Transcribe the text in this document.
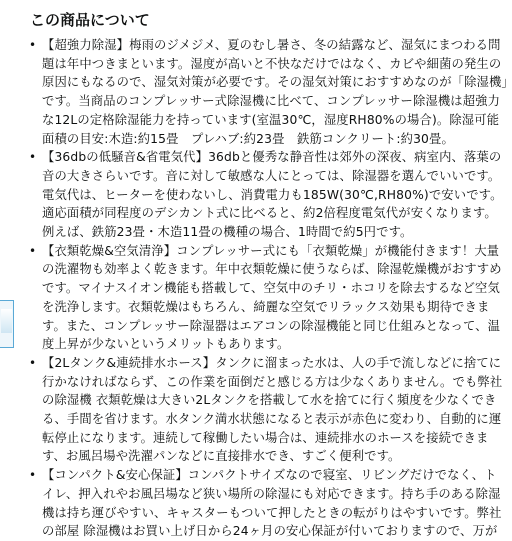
この商品について
• 【超強力除湿】梅雨のジメジメ、夏のむし暑さ、冬の結露など、湿気にまつわる問題は年中つきまといます。湿度が高いと不快なだけではなく、カビや細菌の発生の原因にもなるので、湿気対策が必要です。その湿気対策におすすめなのが「除湿機」です。当商品のコンプレッサー式除湿機に比べて、コンプレッサー除湿機は超強力な12Lの定格除湿能力を持っています(室温30℃，湿度RH80%の場合)。除湿可能面積の目安:木造:約15畳　プレハブ:約23畳　鉄筋コンクリート:約30畳。
• 【36dbの低騒音&省電気代】36dbと優秀な静音性は郊外の深夜、病室内、落葉の音の大きさらいです。音に対して敏感な人にとっては、除湿器を選んでいいです。電気代は、ヒーターを使わないし、消費電力も185W(30℃,RH80%)で安いです。適応面積が同程度のデシカント式に比べると、約2倍程度電気代が安くなります。例えば、鉄筋23畳・木造11畳の機種の場合、1時間で約5円です。
• 【衣類乾燥&空気清浄】コンプレッサー式にも「衣類乾燥」が機能付きます！大量の洗濯物も効率よく乾きます。年中衣類乾燥に使うならば、除湿乾燥機がおすすめです。マイナスイオン機能も搭載して、空気中のチリ・ホコリを除去するなど空気を洗浄します。衣類乾燥はもちろん、綺麗な空気でリラックス効果も期待できます。また、コンプレッサー除湿器はエアコンの除湿機能と同じ仕組みとなって、温度上昇が少ないというメリットもあります。
• 【2Lタンク&連続排水ホース】タンクに溜まった水は、人の手で流しなどに捨てに行かなければならず、この作業を面倒だと感じる方は少なくありません。でも弊社の除湿機 衣類乾燥は大きい2Lタンクを搭載して水を捨てに行く頻度を少なくできる、手間を省けます。水タンク満水状態になると表示が赤色に変わり、自動的に運転停止になります。連続して稼働したい場合は、連続排水のホースを接続できます、お風呂場や洗濯パンなどに直接排水でき、すごく便利です。
• 【コンパクト&安心保証】コンパクトサイズなので寝室、リビングだけでなく、トイレ、押入れやお風呂場など狭い場所の除湿にも対応できます。持ち手のある除湿機は持ち運びやすい、キャスターもついて押したときの転がりはやすいです。弊社の部屋 除湿機はお買い上げ日から24ヶ月の安心保証が付いておりますので、万が
